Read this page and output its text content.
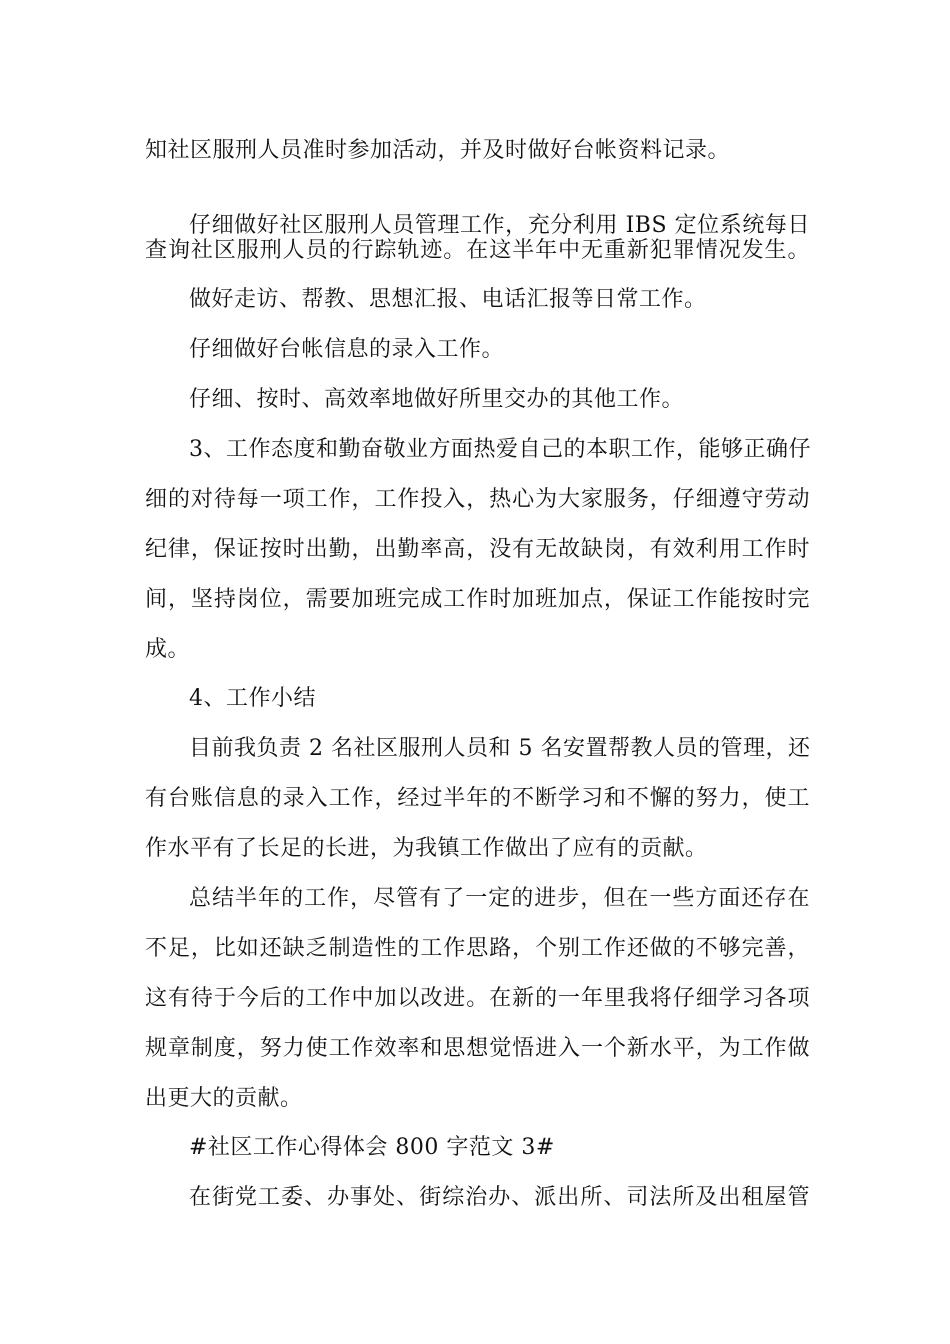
知社区服刑人员准时参加活动，并及时做好台帐资料记录。
仔细做好社区服刑人员管理工作，充分利用 IBS 定位系统每日
查询社区服刑人员的行踪轨迹。在这半年中无重新犯罪情况发生。
做好走访、帮教、思想汇报、电话汇报等日常工作。
仔细做好台帐信息的录入工作。
仔细、按时、高效率地做好所里交办的其他工作。
3、工作态度和勤奋敬业方面热爱自己的本职工作，能够正确仔
细的对待每一项工作，工作投入，热心为大家服务，仔细遵守劳动
纪律，保证按时出勤，出勤率高，没有无故缺岗，有效利用工作时
间，坚持岗位，需要加班完成工作时加班加点，保证工作能按时完
成。
4、工作小结
目前我负责 2 名社区服刑人员和 5 名安置帮教人员的管理，还
有台账信息的录入工作，经过半年的不断学习和不懈的努力，使工
作水平有了长足的长进，为我镇工作做出了应有的贡献。
总结半年的工作，尽管有了一定的进步，但在一些方面还存在
不足，比如还缺乏制造性的工作思路，个别工作还做的不够完善，
这有待于今后的工作中加以改进。在新的一年里我将仔细学习各项
规章制度，努力使工作效率和思想觉悟进入一个新水平，为工作做
出更大的贡献。
#社区工作心得体会 800 字范文 3#
在街党工委、办事处、街综治办、派出所、司法所及出租屋管
